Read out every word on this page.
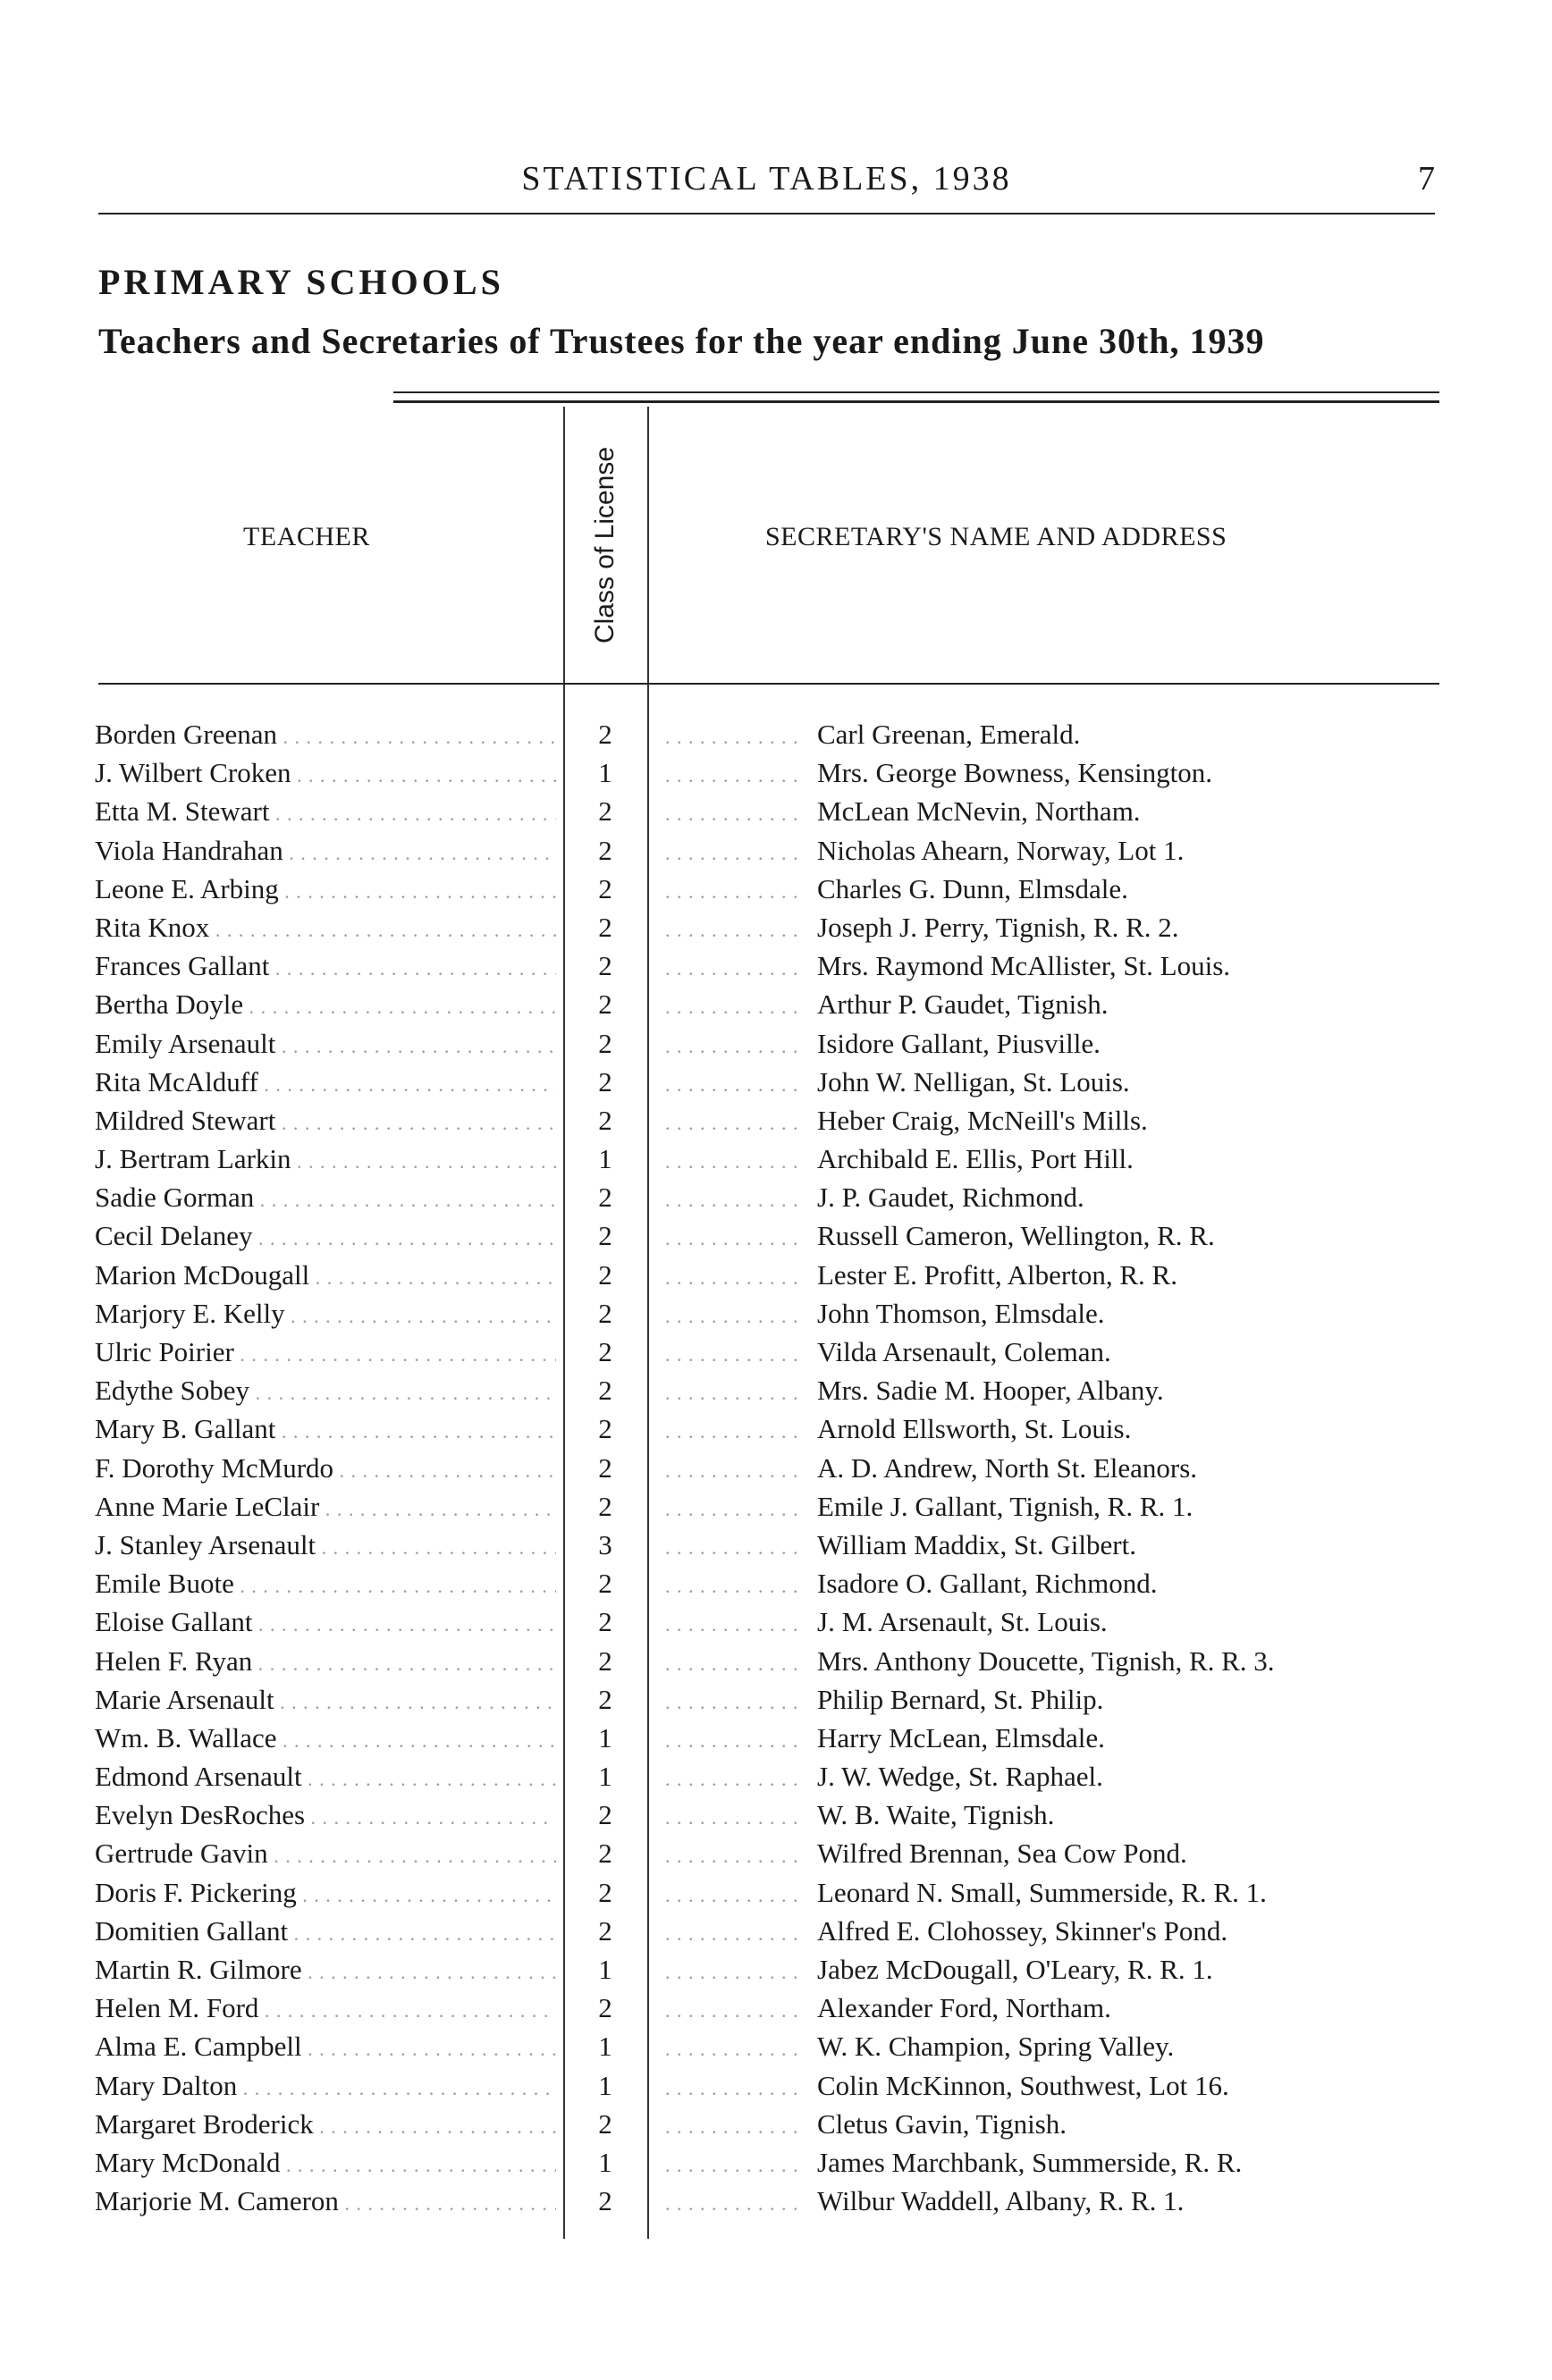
STATISTICAL TABLES, 1938	7
PRIMARY SCHOOLS
Teachers and Secretaries of Trustees for the year ending June 30th, 1939
TEACHER	Class of License	SECRETARY'S NAME AND ADDRESS
Borden Greenan . . .	2 . . .	Carl Greenan, Emerald.
J. Wilbert Croken . . .	1 . . .	Mrs. George Bowness, Kensington.
Etta M. Stewart . . .	2 . . .	McLean McNevin, Northam.
Viola Handrahan . . .	2 . . .	Nicholas Ahearn, Norway, Lot 1.
Leone E. Arbing . . .	2 . . .	Charles G. Dunn, Elmsdale.
Rita Knox . . .	2 . . .	Joseph J. Perry, Tignish, R. R. 2.
Frances Gallant . . .	2 . . .	Mrs. Raymond McAllister, St. Louis.
Bertha Doyle . . .	2 . . .	Arthur P. Gaudet, Tignish.
Emily Arsenault . . .	2 . . .	Isidore Gallant, Piusville.
Rita McAlduff . . .	2 . . .	John W. Nelligan, St. Louis.
Mildred Stewart . . .	2 . . .	Heber Craig, McNeill's Mills.
J. Bertram Larkin . . .	1 . . .	Archibald E. Ellis, Port Hill.
Sadie Gorman . . .	2 . . .	J. P. Gaudet, Richmond.
Cecil Delaney . . .	2 . . .	Russell Cameron, Wellington, R. R.
Marion McDougall . . .	2 . . .	Lester E. Profitt, Alberton, R. R.
Marjory E. Kelly . . .	2 . . .	John Thomson, Elmsdale.
Ulric Poirier . . .	2 . . .	Vilda Arsenault, Coleman.
Edythe Sobey . . .	2 . . .	Mrs. Sadie M. Hooper, Albany.
Mary B. Gallant . . .	2 . . .	Arnold Ellsworth, St. Louis.
F. Dorothy McMurdo . . .	2 . . .	A. D. Andrew, North St. Eleanors.
Anne Marie LeClair . . .	2 . . .	Emile J. Gallant, Tignish, R. R. 1.
J. Stanley Arsenault . . .	3 . . .	William Maddix, St. Gilbert.
Emile Buote . . .	2 . . .	Isadore O. Gallant, Richmond.
Eloise Gallant . . .	2 . . .	J. M. Arsenault, St. Louis.
Helen F. Ryan . . .	2 . . .	Mrs. Anthony Doucette, Tignish, R. R. 3.
Marie Arsenault . . .	2 . . .	Philip Bernard, St. Philip.
Wm. B. Wallace . . .	1 . . .	Harry McLean, Elmsdale.
Edmond Arsenault . . .	1 . . .	J. W. Wedge, St. Raphael.
Evelyn DesRoches . . .	2 . . .	W. B. Waite, Tignish.
Gertrude Gavin . . .	2 . . .	Wilfred Brennan, Sea Cow Pond.
Doris F. Pickering . . .	2 . . .	Leonard N. Small, Summerside, R. R. 1.
Domitien Gallant . . .	2 . . .	Alfred E. Clohossey, Skinner's Pond.
Martin R. Gilmore . . .	1 . . .	Jabez McDougall, O'Leary, R. R. 1.
Helen M. Ford . . .	2 . . .	Alexander Ford, Northam.
Alma E. Campbell . . .	1 . . .	W. K. Champion, Spring Valley.
Mary Dalton . . .	1 . . .	Colin McKinnon, Southwest, Lot 16.
Margaret Broderick . . .	2 . . .	Cletus Gavin, Tignish.
Mary McDonald . . .	1 . . .	James Marchbank, Summerside, R. R.
Marjorie M. Cameron . . .	2 . . .	Wilbur Waddell, Albany, R. R. 1.
